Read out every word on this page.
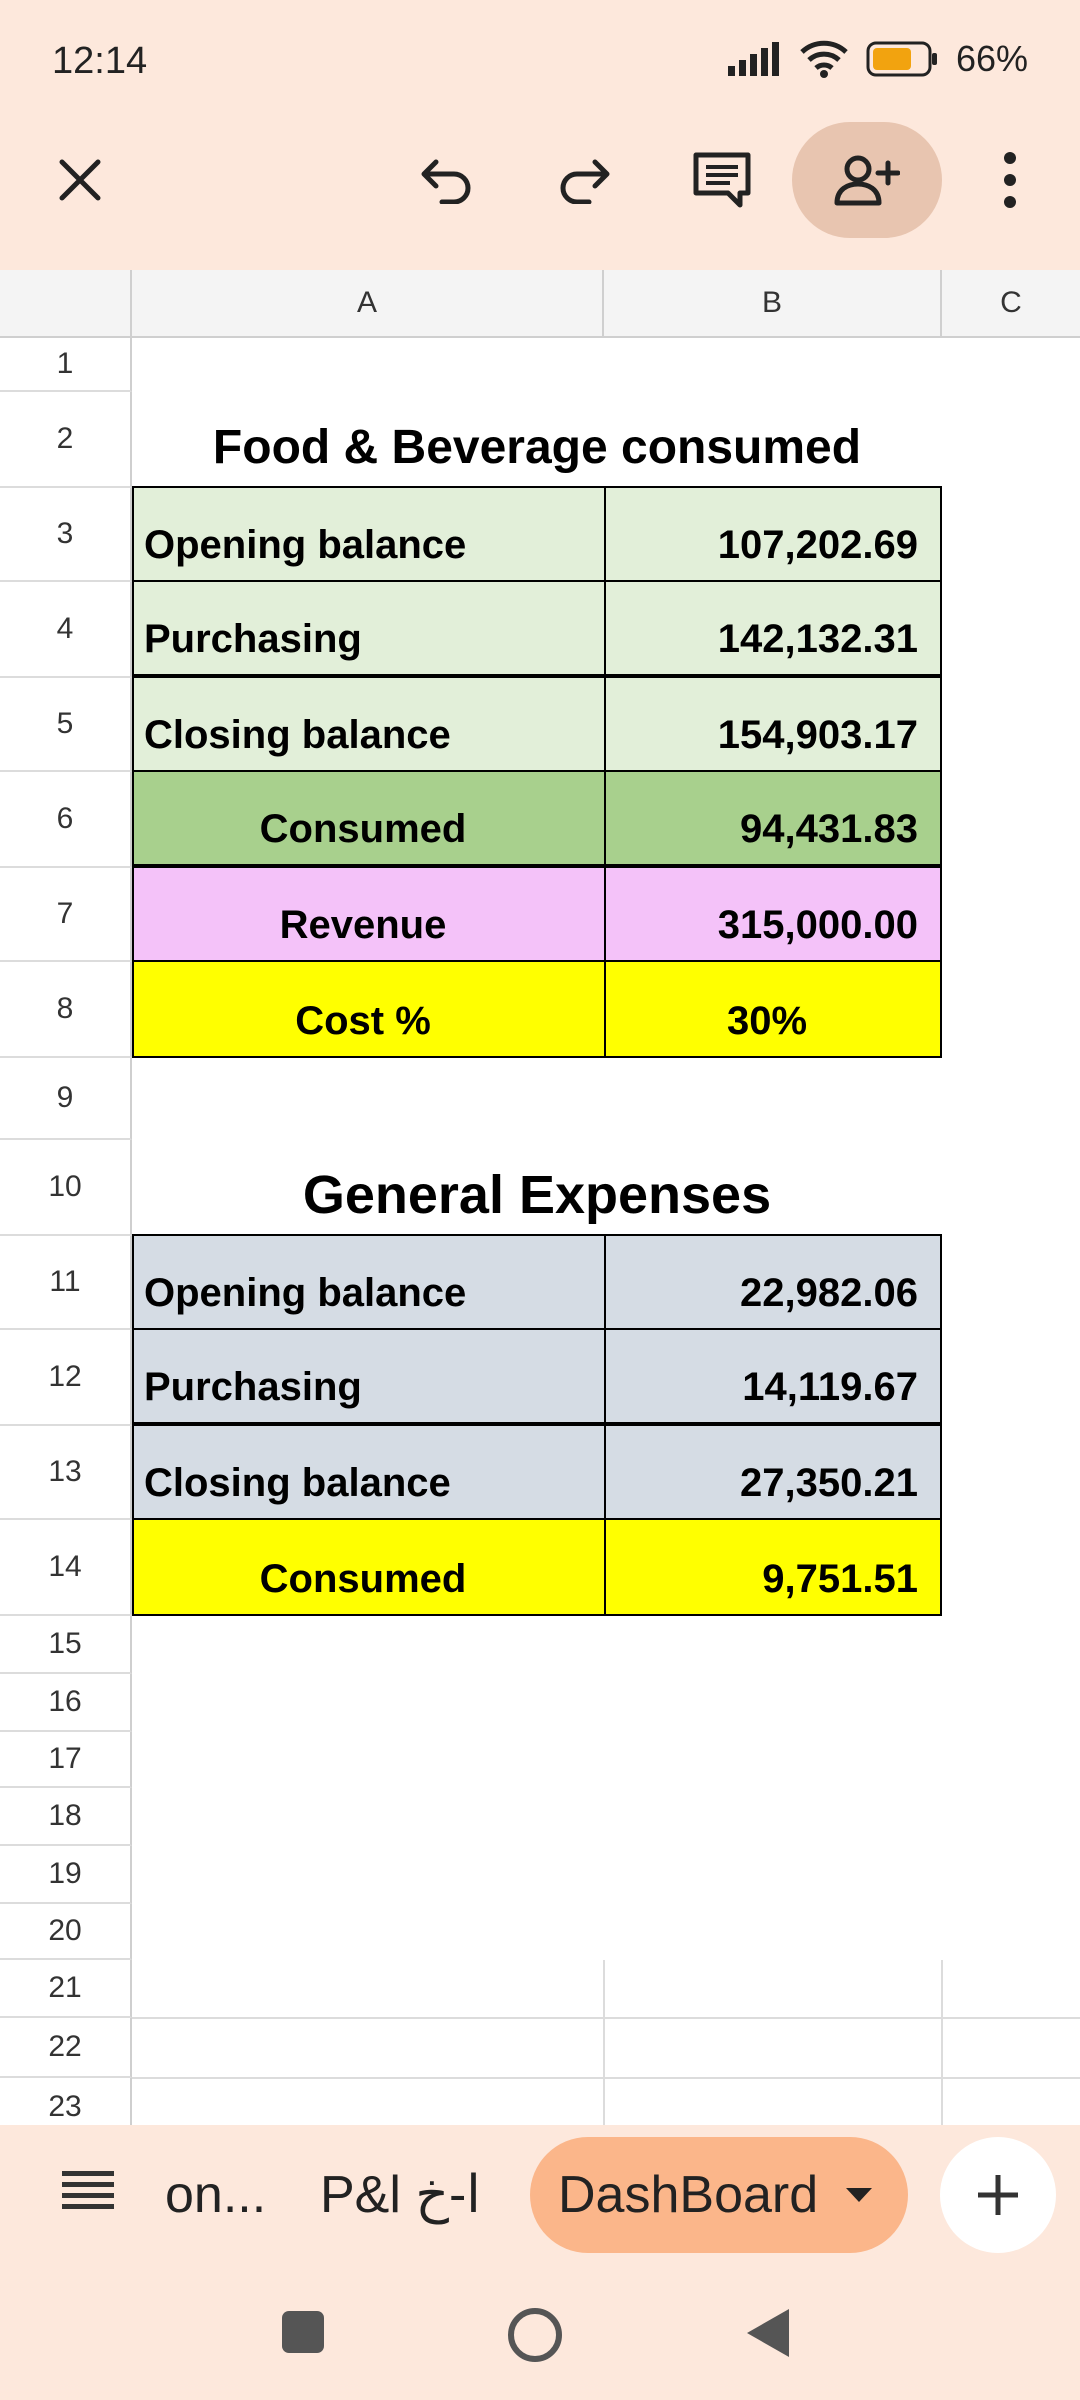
12:14	66%
A	B	C
1
2
3
4
5
6
7
8
9
10
11
12
13
14
15
16
17
18
19
20
21
22
23
Food & Beverage consumed
Opening balance	107,202.69
Purchasing	142,132.31
Closing balance	154,903.17
Consumed	94,431.83
Revenue	315,000.00
Cost %	30%
General Expenses
Opening balance	22,982.06
Purchasing	14,119.67
Closing balance	27,350.21
Consumed	9,751.51
on... P&l ا-خ DashBoard
